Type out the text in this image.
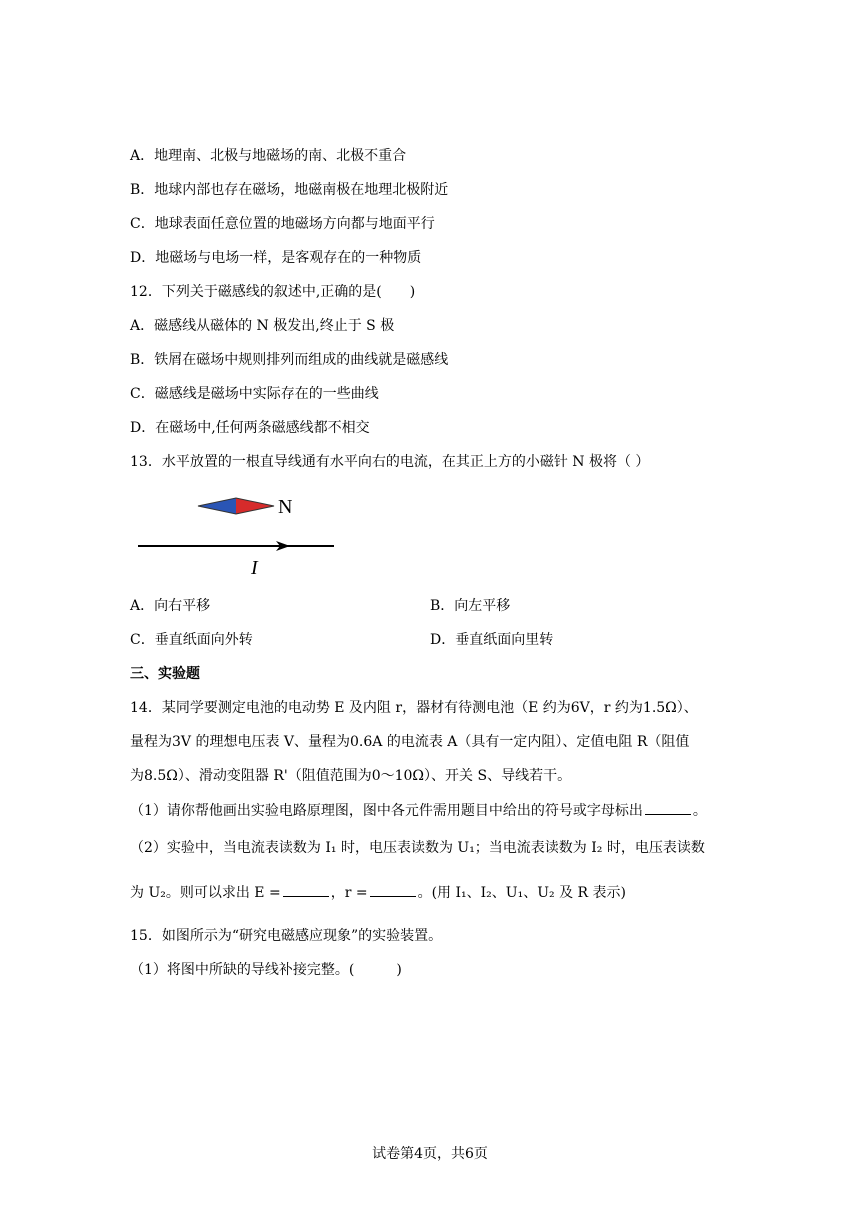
A．地理南、北极与地磁场的南、北极不重合
B．地球内部也存在磁场，地磁南极在地理北极附近
C．地球表面任意位置的地磁场方向都与地面平行
D．地磁场与电场一样，是客观存在的一种物质
12．下列关于磁感线的叙述中,正确的是(　　)
A．磁感线从磁体的 N 极发出,终止于 S 极
B．铁屑在磁场中规则排列而组成的曲线就是磁感线
C．磁感线是磁场中实际存在的一些曲线
D．在磁场中,任何两条磁感线都不相交
13．水平放置的一根直导线通有水平向右的电流，在其正上方的小磁针 N 极将（ ）
N
I
A．向右平移	B．向左平移
C．垂直纸面向外转	D．垂直纸面向里转
三、实验题
14．某同学要测定电池的电动势 E 及内阻 r，器材有待测电池（E 约为6V，r 约为1.5Ω）、
量程为3V 的理想电压表 V、量程为0.6A 的电流表 A（具有一定内阻）、定值电阻 R（阻值
为8.5Ω）、滑动变阻器 R'（阻值范围为0～10Ω）、开关 S、导线若干。
（1）请你帮他画出实验电路原理图，图中各元件需用题目中给出的符号或字母标出	。
（2）实验中，当电流表读数为 I₁ 时，电压表读数为 U₁；当电流表读数为 I₂ 时，电压表读数
为 U₂。则可以求出 E =	，r =	。(用 I₁、I₂、U₁、U₂ 及 R 表示)
15．如图所示为“研究电磁感应现象”的实验装置。
（1）将图中所缺的导线补接完整。(　　　)
试卷第4页，共6页
